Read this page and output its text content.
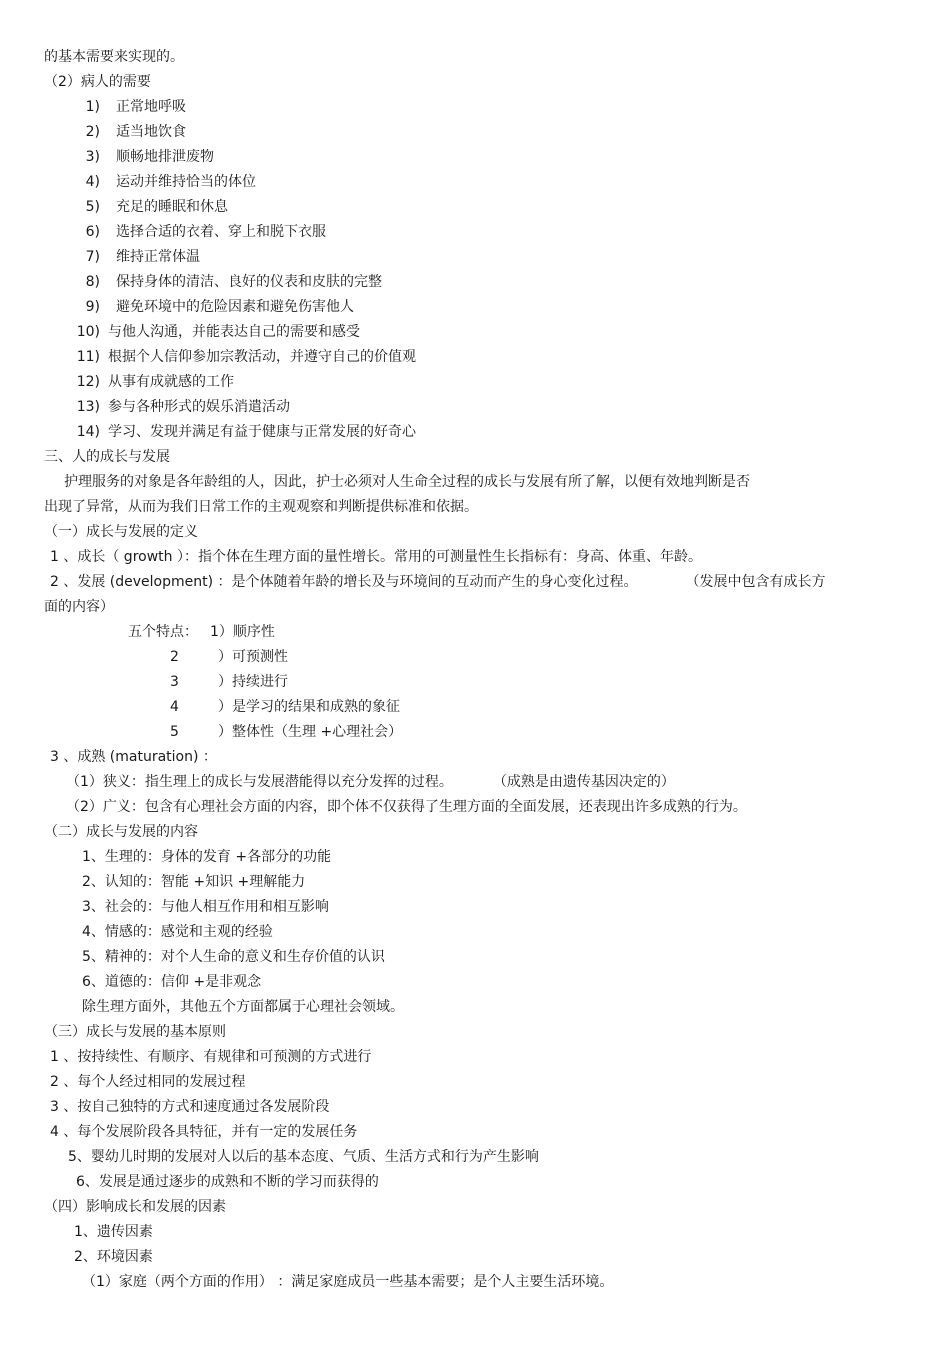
的基本需要来实现的。
（2）病人的需要
1) 正常地呼吸
2) 适当地饮食
3) 顺畅地排泄废物
4) 运动并维持恰当的体位
5) 充足的睡眠和休息
6) 选择合适的衣着、穿上和脱下衣服
7) 维持正常体温
8) 保持身体的清洁、良好的仪表和皮肤的完整
9) 避免环境中的危险因素和避免伤害他人
10) 与他人沟通，并能表达自己的需要和感受
11) 根据个人信仰参加宗教活动，并遵守自己的价值观
12) 从事有成就感的工作
13) 参与各种形式的娱乐消遣活动
14) 学习、发现并满足有益于健康与正常发展的好奇心
三、人的成长与发展
护理服务的对象是各年龄组的人，因此，护士必须对人生命全过程的成长与发展有所了解，以便有效地判断是否
出现了异常，从而为我们日常工作的主观观察和判断提供标准和依据。
（一）成长与发展的定义
1 、成长（ growth ）：指个体在生理方面的量性增长。常用的可测量性生长指标有：身高、体重、年龄。
2 、发展 (development) ：是个体随着年龄的增长及与环境间的互动而产生的身心变化过程。	（发展中包含有成长方
面的内容）
五个特点： 1）顺序性
2	）可预测性
3	）持续进行
4	）是学习的结果和成熟的象征
5	）整体性（生理 +心理社会）
3 、成熟 (maturation) ：
（1）狭义：指生理上的成长与发展潜能得以充分发挥的过程。	（成熟是由遗传基因决定的）
（2）广义：包含有心理社会方面的内容，即个体不仅获得了生理方面的全面发展，还表现出许多成熟的行为。
（二）成长与发展的内容
1、生理的：身体的发育 +各部分的功能
2、认知的：智能 +知识 +理解能力
3、社会的：与他人相互作用和相互影响
4、情感的：感觉和主观的经验
5、精神的：对个人生命的意义和生存价值的认识
6、道德的：信仰 +是非观念
除生理方面外，其他五个方面都属于心理社会领域。
（三）成长与发展的基本原则
1 、按持续性、有顺序、有规律和可预测的方式进行
2 、每个人经过相同的发展过程
3 、按自己独特的方式和速度通过各发展阶段
4 、每个发展阶段各具特征，并有一定的发展任务
5、婴幼儿时期的发展对人以后的基本态度、气质、生活方式和行为产生影响
6、发展是通过逐步的成熟和不断的学习而获得的
（四）影响成长和发展的因素
1、遗传因素
2、环境因素
（1）家庭（两个方面的作用） ：满足家庭成员一些基本需要；是个人主要生活环境。
